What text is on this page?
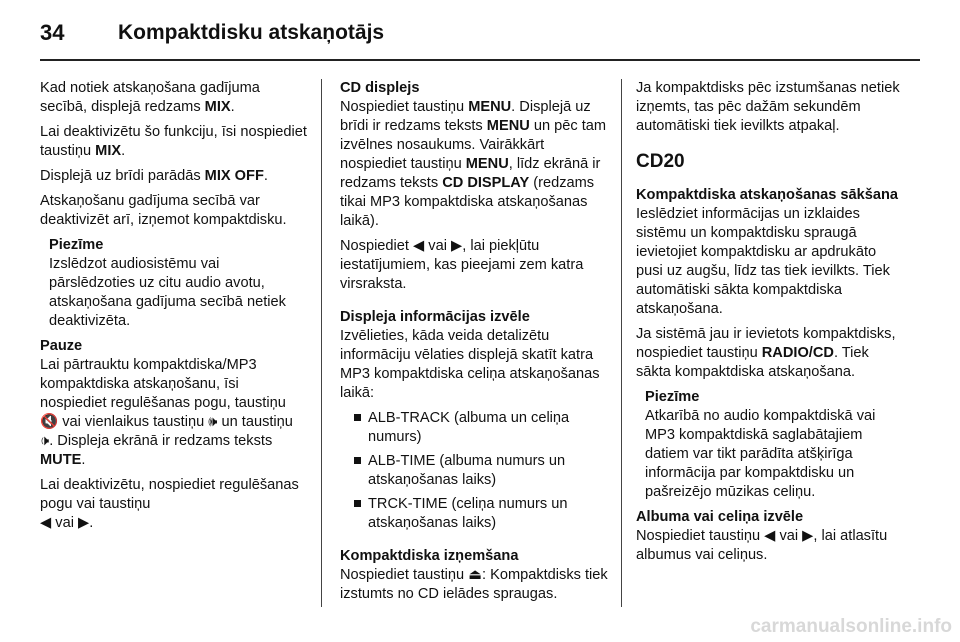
34	Kompaktdisku atskaņotājs

Kad notiek atskaņošana gadījuma secībā, displejā redzams MIX.

Lai deaktivizētu šo funkciju, īsi nospiediet taustiņu MIX.

Displejā uz brīdi parādās MIX OFF.

Atskaņošanu gadījuma secībā var deaktivizēt arī, izņemot kompaktdisku.

Piezīme
Izslēdzot audiosistēmu vai pārslēdzoties uz citu audio avotu, atskaņošana gadījuma secībā netiek deaktivizēta.
Pauze

Lai pārtrauktu kompaktdiska/MP3 kompaktdiska atskaņošanu, īsi nospiediet regulēšanas pogu, taustiņu 🔇 vai vienlaikus taustiņu 🕪 un taustiņu 🕩. Displeja ekrānā ir redzams teksts MUTE.

Lai deaktivizētu, nospiediet regulēšanas pogu vai taustiņu
◀ vai ▶.

CD displejs

Nospiediet taustiņu MENU. Displejā uz brīdi ir redzams teksts MENU un pēc tam izvēlnes nosaukums. Vairākkārt nospiediet taustiņu MENU, līdz ekrānā ir redzams teksts CD DISPLAY (redzams tikai MP3 kompaktdiska atskaņošanas laikā).

Nospiediet ◀ vai ▶, lai piekļūtu iestatījumiem, kas pieejami zem katra virsraksta.

Displeja informācijas izvēle

Izvēlieties, kāda veida detalizētu informāciju vēlaties displejā skatīt katra MP3 kompaktdiska celiņa atskaņošanas laikā:

ALB-TRACK (albuma un celiņa numurs)
ALB-TIME (albuma numurs un atskaņošanas laiks)
TRCK-TIME (celiņa numurs un atskaņošanas laiks)
Kompaktdiska izņemšana

Nospiediet taustiņu ⏏: Kompaktdisks tiek izstumts no CD ielādes spraugas.

Ja kompaktdisks pēc izstumšanas netiek izņemts, tas pēc dažām sekundēm automātiski tiek ievilkts atpakaļ.

CD20
Kompaktdiska atskaņošanas sākšana

Ieslēdziet informācijas un izklaides sistēmu un kompaktdisku spraugā ievietojiet kompaktdisku ar apdrukāto pusi uz augšu, līdz tas tiek ievilkts. Tiek automātiski sākta kompaktdiska atskaņošana.

Ja sistēmā jau ir ievietots kompaktdisks, nospiediet taustiņu RADIO/CD. Tiek sākta kompaktdiska atskaņošana.

Piezīme
Atkarībā no audio kompaktdiskā vai MP3 kompaktdiskā saglabātajiem datiem var tikt parādīta atšķirīga informācija par kompaktdisku un pašreizējo mūzikas celiņu.
Albuma vai celiņa izvēle

Nospiediet taustiņu ◀ vai ▶, lai atlasītu albumus vai celiņus.

carmanualsonline.info
